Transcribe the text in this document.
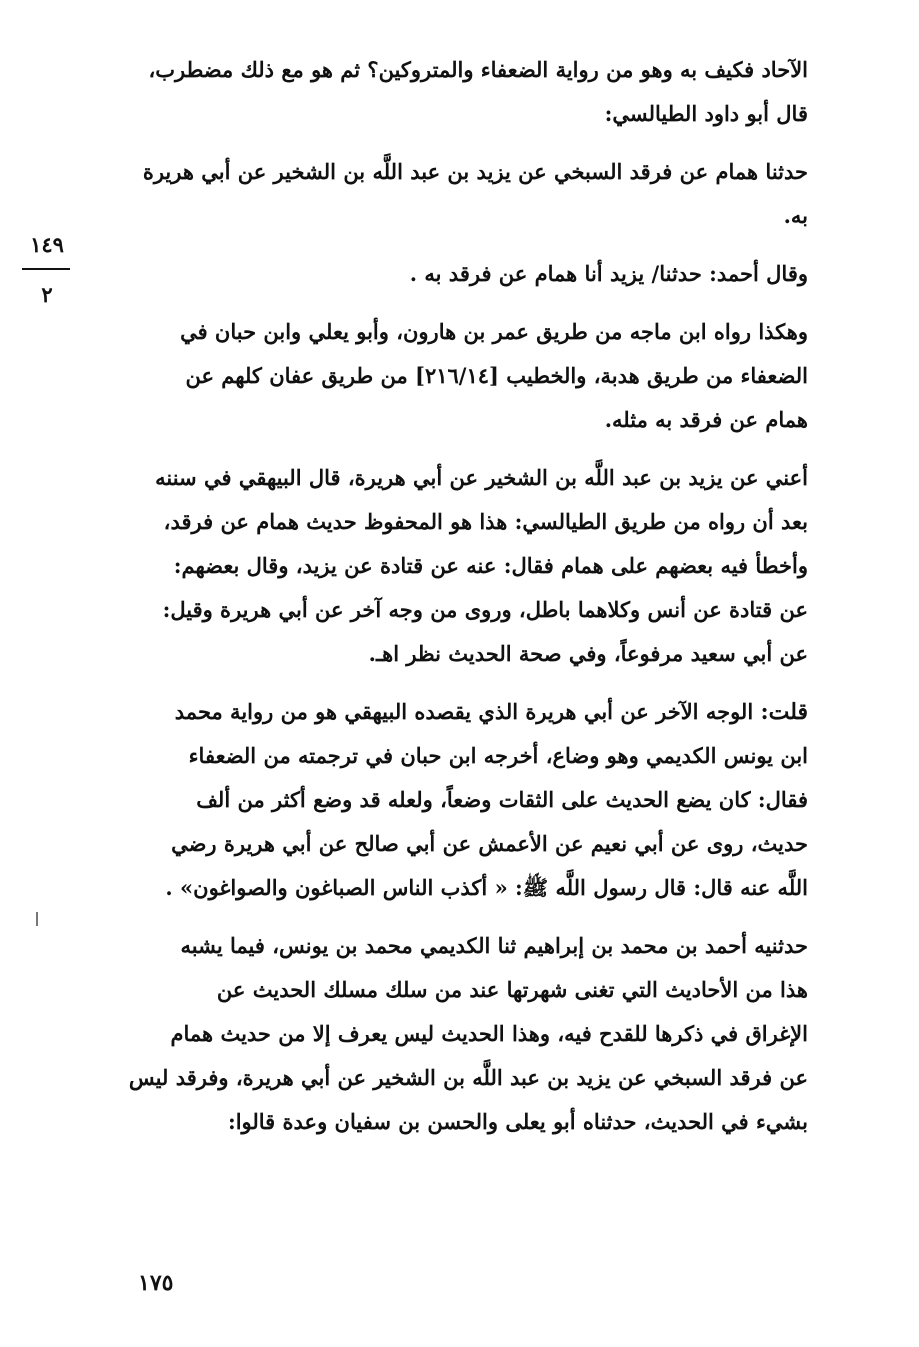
الآحاد فكيف به وهو من رواية الضعفاء والمتروكين؟ ثم هو مع ذلك مضطرب،
قال أبو داود الطيالسي:
حدثنا همام عن فرقد السبخي عن يزيد بن عبد اللَّه بن الشخير عن أبي هريرة
به.
وقال أحمد: حدثنا/ يزيد أنا همام عن فرقد به .
وهكذا رواه ابن ماجه من طريق عمر بن هارون، وأبو يعلي وابن حبان في
الضعفاء من طريق هدبة، والخطيب [٢١٦/١٤] من طريق عفان كلهم عن
همام عن فرقد به مثله.
أعني عن يزيد بن عبد اللَّه بن الشخير عن أبي هريرة، قال البيهقي في سننه
بعد أن رواه من طريق الطيالسي: هذا هو المحفوظ حديث همام عن فرقد،
وأخطأ فيه بعضهم على همام فقال: عنه عن قتادة عن يزيد، وقال بعضهم:
عن قتادة عن أنس وكلاهما باطل، وروى من وجه آخر عن أبي هريرة وقيل:
عن أبي سعيد مرفوعاً، وفي صحة الحديث نظر اهـ.
قلت: الوجه الآخر عن أبي هريرة الذي يقصده البيهقي هو من رواية محمد
ابن يونس الكديمي وهو وضاع، أخرجه ابن حبان في ترجمته من الضعفاء
فقال: كان يضع الحديث على الثقات وضعاً، ولعله قد وضع أكثر من ألف
حديث، روى عن أبي نعيم عن الأعمش عن أبي صالح عن أبي هريرة رضي
اللَّه عنه قال: قال رسول اللَّه ﷺ: « أكذب الناس الصباغون والصواغون» .
حدثنيه أحمد بن محمد بن إبراهيم ثنا الكديمي محمد بن يونس، فيما يشبه
هذا من الأحاديث التي تغنى شهرتها عند من سلك مسلك الحديث عن
الإغراق في ذكرها للقدح فيه، وهذا الحديث ليس يعرف إلا من حديث همام
عن فرقد السبخي عن يزيد بن عبد اللَّه بن الشخير عن أبي هريرة، وفرقد ليس
بشيء في الحديث، حدثناه أبو يعلى والحسن بن سفيان وعدة قالوا:
١٤٩
٢
١٧٥
